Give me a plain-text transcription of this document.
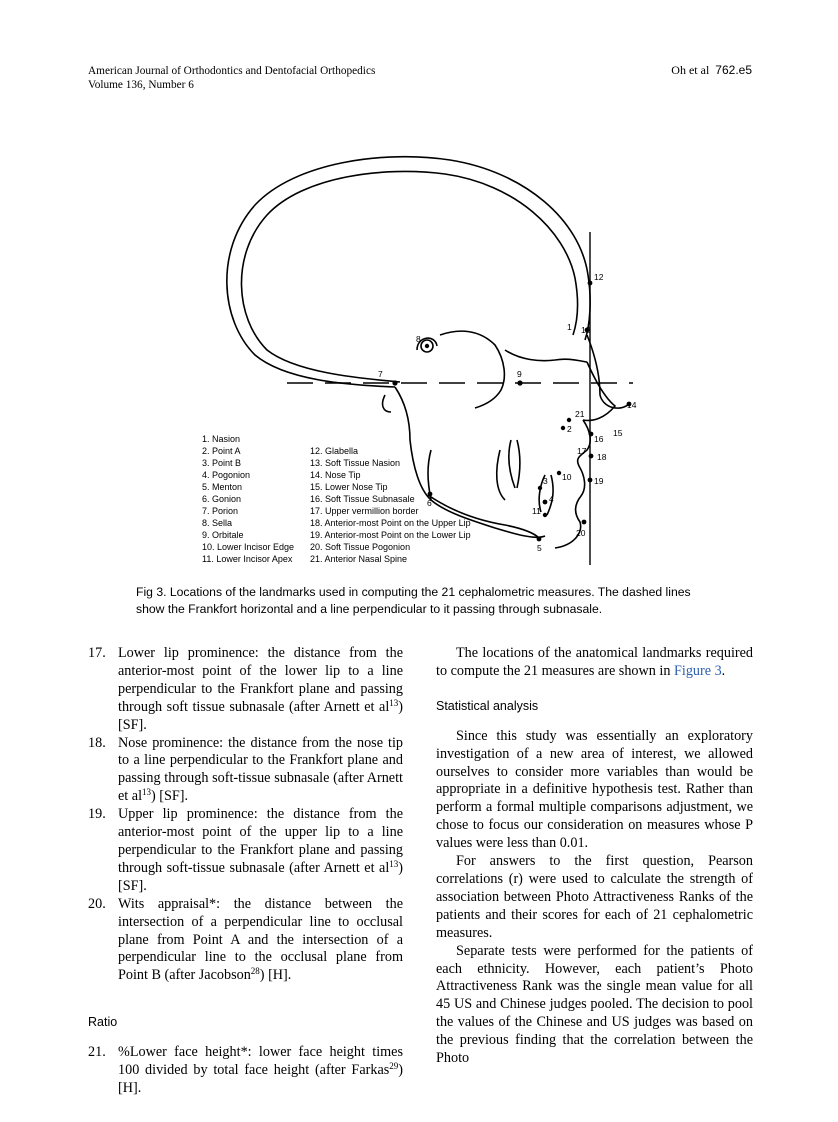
American Journal of Orthodontics and Dentofacial Orthopedics
Volume 136, Number 6
Oh et al 762.e5
1
2
3
4
5
6
7
8
9
10
11
12
13
14
15
16
17
18
19
20
21
1. Nasion
2. Point A
3. Point B
4. Pogonion
5. Menton
6. Gonion
7. Porion
8. Sella
9. Orbitale
10. Lower Incisor Edge
11. Lower Incisor Apex
12. Glabella
13. Soft Tissue Nasion
14. Nose Tip
15. Lower Nose Tip
16. Soft Tissue Subnasale
17. Upper vermillion border
18. Anterior-most Point on the Upper Lip
19. Anterior-most Point on the Lower Lip
20. Soft Tissue Pogonion
21. Anterior Nasal Spine
Fig 3. Locations of the landmarks used in computing the 21 cephalometric measures. The dashed lines show the Frankfort horizontal and a line perpendicular to it passing through subnasale.
17. Lower lip prominence: the distance from the anterior-most point of the lower lip to a line perpendicular to the Frankfort plane and passing through soft tissue subnasale (after Arnett et $al^{13}$) [SF].
18. Nose prominence: the distance from the nose tip to a line perpendicular to the Frankfort plane and passing through soft-tissue subnasale (after Arnett et $al^{13}$) [SF].
19. Upper lip prominence: the distance from the anterior-most point of the upper lip to a line perpendicular to the Frankfort plane and passing through soft-tissue subnasale (after Arnett et $al^{13}$) [SF].
20. Wits appraisal*: the distance between the intersection of a perpendicular line to occlusal plane from Point A and the intersection of a perpendicular line to the occlusal plane from Point B (after Jacobson$^{28}$) [H].
Ratio
21. %Lower face height*: lower face height times 100 divided by total face height (after Farkas$^{29}$) [H].

The locations of the anatomical landmarks required to compute the 21 measures are shown in Figure 3.

Statistical analysis

Since this study was essentially an exploratory investigation of a new area of interest, we allowed ourselves to consider more variables than would be appropriate in a definitive hypothesis test. Rather than perform a formal multiple comparisons adjustment, we chose to focus our consideration on measures whose P values were less than 0.01.

For answers to the first question, Pearson correlations (r) were used to calculate the strength of association between Photo Attractiveness Ranks of the patients and their scores for each of 21 cephalometric measures.

Separate tests were performed for the patients of each ethnicity. However, each patient’s Photo Attractiveness Rank was the single mean value for all 45 US and Chinese judges pooled. The decision to pool the values of the Chinese and US judges was based on the previous finding that the correlation between the Photo
